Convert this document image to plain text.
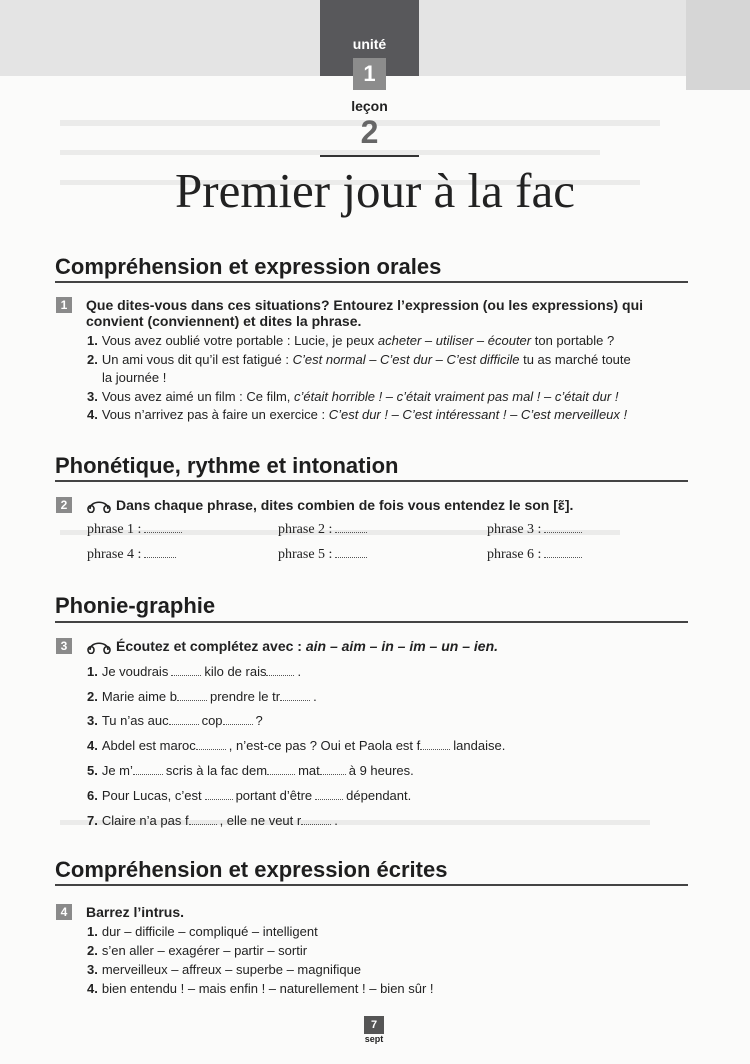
unité
1
leçon
2
Premier jour à la fac
Compréhension et expression orales
1	Que dites-vous dans ces situations? Entourez l’expression (ou les expressions) qui
convient (conviennent) et dites la phrase.
1. Vous avez oublié votre portable : Lucie, je peux acheter – utiliser – écouter ton portable ?
2. Un ami vous dit qu’il est fatigué : C’est normal – C’est dur – C’est difficile tu as marché toute
la journée !
3. Vous avez aimé un film : Ce film, c’était horrible ! – c’était vraiment pas mal ! – c’était dur !
4. Vous n’arrivez pas à faire un exercice : C’est dur ! – C’est intéressant ! – C’est merveilleux !
Phonétique, rythme et intonation
2	Dans chaque phrase, dites combien de fois vous entendez le son [ɛ̃].
phrase 1 :	phrase 2 :	phrase 3 :
phrase 4 :	phrase 5 :	phrase 6 :
Phonie-graphie
3	Écoutez et complétez avec : ain – aim – in – im – un – ien.
1. Je voudrais	kilo de rais .
2. Marie aime b	prendre le tr	.
3. Tu n’as auc	cop	?
4. Abdel est maroc	, n’est-ce pas ? Oui et Paola est f	landaise.
5. Je m’	scris à la fac dem mat à 9 heures.
6. Pour Lucas, c’est	portant d’être	dépendant.
7. Claire n’a pas f , elle ne veut r	.
Compréhension et expression écrites
4	Barrez l’intrus.
1. dur – difficile – compliqué – intelligent
2. s’en aller – exagérer – partir – sortir
3. merveilleux – affreux – superbe – magnifique
4. bien entendu ! – mais enfin ! – naturellement ! – bien sûr !
7
sept
